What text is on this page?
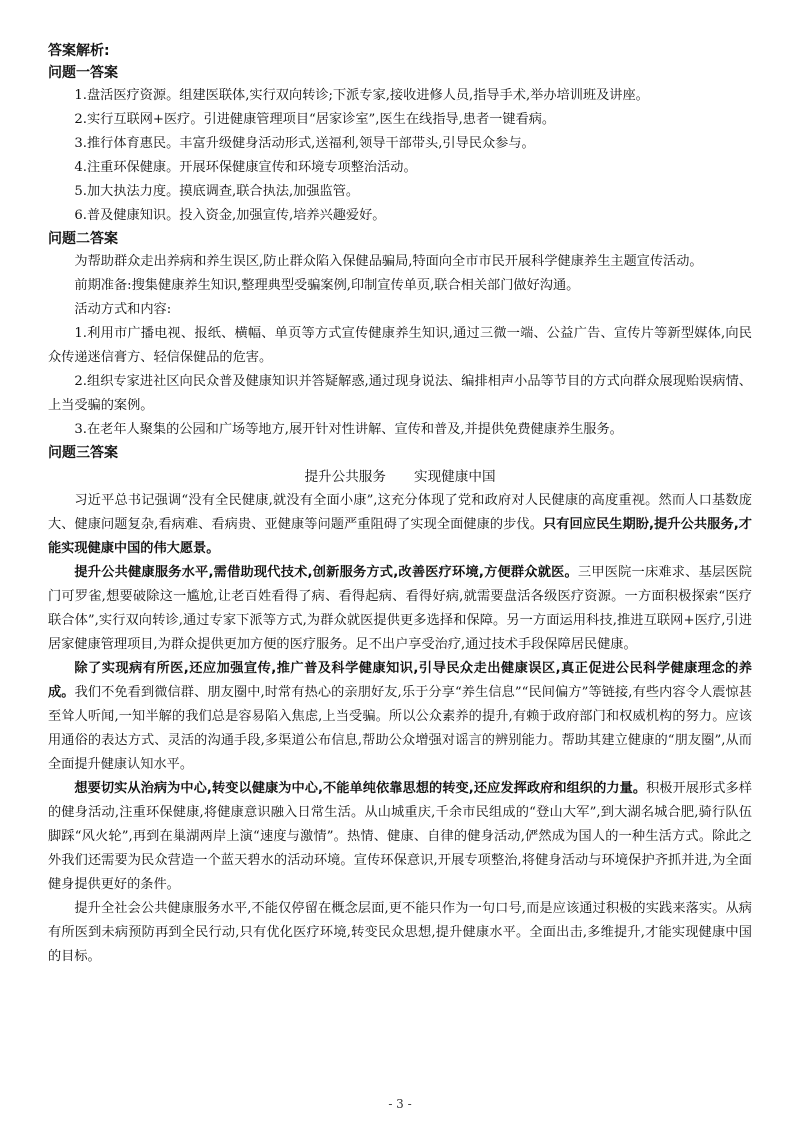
答案解析:

问题一答案

1.盘活医疗资源。组建医联体,实行双向转诊;下派专家,接收进修人员,指导手术,举办培训班及讲座。

2.实行互联网+医疗。引进健康管理项目“居家诊室”,医生在线指导,患者一键看病。

3.推行体育惠民。丰富升级健身活动形式,送福利,领导干部带头,引导民众参与。

4.注重环保健康。开展环保健康宣传和环境专项整治活动。

5.加大执法力度。摸底调查,联合执法,加强监管。

6.普及健康知识。投入资金,加强宣传,培养兴趣爱好。

问题二答案

为帮助群众走出养病和养生误区,防止群众陷入保健品骗局,特面向全市市民开展科学健康养生主题宣传活动。

前期准备:搜集健康养生知识,整理典型受骗案例,印制宣传单页,联合相关部门做好沟通。

活动方式和内容:

1.利用市广播电视、报纸、横幅、单页等方式宣传健康养生知识,通过三微一端、公益广告、宣传片等新型媒体,向民众传递迷信膏方、轻信保健品的危害。

2.组织专家进社区向民众普及健康知识并答疑解惑,通过现身说法、编排相声小品等节目的方式向群众展现贻误病情、上当受骗的案例。

3.在老年人聚集的公园和广场等地方,展开针对性讲解、宣传和普及,并提供免费健康养生服务。

问题三答案

提升公共服务 实现健康中国

习近平总书记强调“没有全民健康,就没有全面小康”,这充分体现了党和政府对人民健康的高度重视。然而人口基数庞大、健康问题复杂,看病难、看病贵、亚健康等问题严重阻碍了实现全面健康的步伐。只有回应民生期盼,提升公共服务,才能实现健康中国的伟大愿景。

提升公共健康服务水平,需借助现代技术,创新服务方式,改善医疗环境,方便群众就医。三甲医院一床难求、基层医院门可罗雀,想要破除这一尴尬,让老百姓看得了病、看得起病、看得好病,就需要盘活各级医疗资源。一方面积极探索“医疗联合体”,实行双向转诊,通过专家下派等方式,为群众就医提供更多选择和保障。另一方面运用科技,推进互联网+医疗,引进居家健康管理项目,为群众提供更加方便的医疗服务。足不出户享受治疗,通过技术手段保障居民健康。

除了实现病有所医,还应加强宣传,推广普及科学健康知识,引导民众走出健康误区,真正促进公民科学健康理念的养成。我们不免看到微信群、朋友圈中,时常有热心的亲朋好友,乐于分享“养生信息”“民间偏方”等链接,有些内容令人震惊甚至耸人听闻,一知半解的我们总是容易陷入焦虑,上当受骗。所以公众素养的提升,有赖于政府部门和权威机构的努力。应该用通俗的表达方式、灵活的沟通手段,多渠道公布信息,帮助公众增强对谣言的辨别能力。帮助其建立健康的“朋友圈”,从而全面提升健康认知水平。

想要切实从治病为中心,转变以健康为中心,不能单纯依靠思想的转变,还应发挥政府和组织的力量。积极开展形式多样的健身活动,注重环保健康,将健康意识融入日常生活。从山城重庆,千余市民组成的“登山大军”,到大湖名城合肥,骑行队伍脚踩“风火轮”,再到在巢湖两岸上演“速度与激情”。热情、健康、自律的健身活动,俨然成为国人的一种生活方式。除此之外我们还需要为民众营造一个蓝天碧水的活动环境。宣传环保意识,开展专项整治,将健身活动与环境保护齐抓并进,为全面健身提供更好的条件。

提升全社会公共健康服务水平,不能仅停留在概念层面,更不能只作为一句口号,而是应该通过积极的实践来落实。从病有所医到未病预防再到全民行动,只有优化医疗环境,转变民众思想,提升健康水平。全面出击,多维提升,才能实现健康中国的目标。

- 3 -
